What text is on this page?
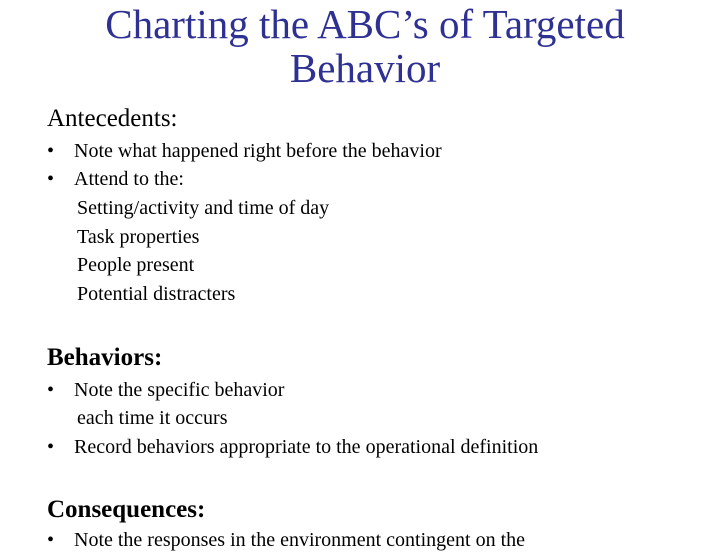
Charting the ABC’s of Targeted
Behavior
Antecedents:
• Note what happened right before the behavior
• Attend to the:
Setting/activity and time of day
Task properties
People present
Potential distracters
Behaviors:
• Note the specific behavior
each time it occurs
• Record behaviors appropriate to the operational definition
Consequences:
• Note the responses in the environment contingent on the
